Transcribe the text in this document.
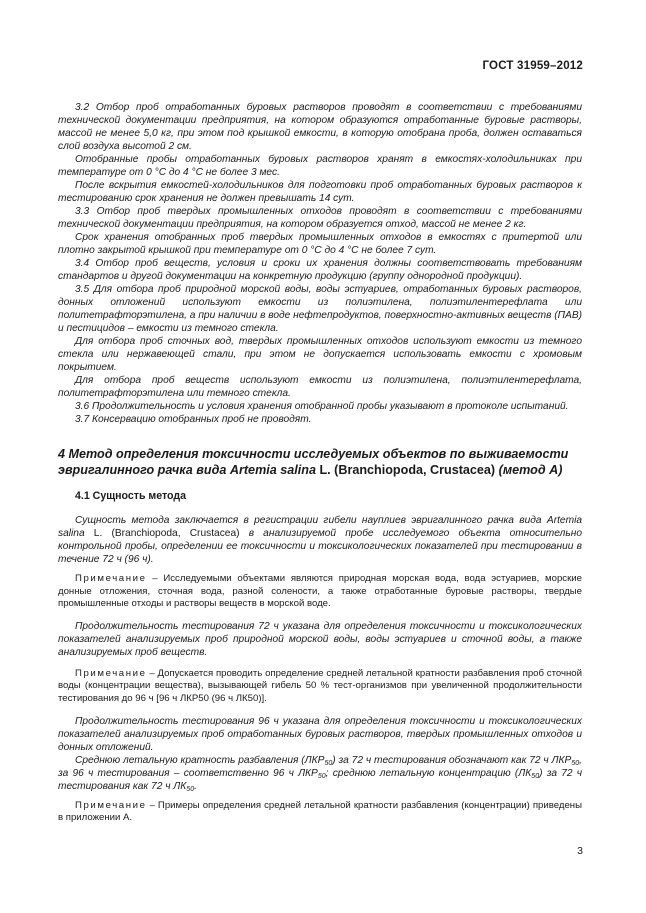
ГОСТ 31959–2012

3.2 Отбор проб отработанных буровых растворов проводят в соответствии с требованиями технической документации предприятия, на котором образуются отработанные буровые растворы, массой не менее 5,0 кг, при этом под крышкой емкости, в которую отобрана проба, должен оставаться слой воздуха высотой 2 см.

Отобранные пробы отработанных буровых растворов хранят в емкостях-холодильниках при температуре от 0 °С до 4 °С не более 3 мес.

После вскрытия емкостей-холодильников для подготовки проб отработанных буровых растворов к тестированию срок хранения не должен превышать 14 сут.

3.3 Отбор проб твердых промышленных отходов проводят в соответствии с требованиями технической документации предприятия, на котором образуется отход, массой не менее 2 кг.

Срок хранения отобранных проб твердых промышленных отходов в емкостях с притертой или плотно закрытой крышкой при температуре от 0 °С до 4 °С не более 7 сут.

3.4 Отбор проб веществ, условия и сроки их хранения должны соответствовать требованиям стандартов и другой документации на конкретную продукцию (группу однородной продукции).

3.5 Для отбора проб природной морской воды, воды эстуариев, отработанных буровых растворов, донных отложений используют емкости из полиэтилена, полиэтилентерефлата или политетрафторэтилена, а при наличии в воде нефтепродуктов, поверхностно-активных веществ (ПАВ) и пестицидов – емкости из темного стекла.

Для отбора проб сточных вод, твердых промышленных отходов используют емкости из темного стекла или нержавеющей стали, при этом не допускается использовать емкости с хромовым покрытием.

Для отбора проб веществ используют емкости из полиэтилена, полиэтилентерефлата, политетрафторэтилена или темного стекла.

3.6 Продолжительность и условия хранения отобранной пробы указывают в протоколе испытаний.

3.7 Консервацию отобранных проб не проводят.

4 Метод определения токсичности исследуемых объектов по выживаемости эвригалинного рачка вида Artemia salina L. (Branchiopoda, Crustacea) (метод А)
4.1 Сущность метода

Сущность метода заключается в регистрации гибели науплиев эвригалинного рачка вида Artemia salina L. (Branchiopoda, Crustacea) в анализируемой пробе исследуемого объекта относительно контрольной пробы, определении ее токсичности и токсикологических показателей при тестировании в течение 72 ч (96 ч).

Примечание – Исследуемыми объектами являются природная морская вода, вода эстуариев, морские донные отложения, сточная вода, разной солености, а также отработанные буровые растворы, твердые промышленные отходы и растворы веществ в морской воде.

Продолжительность тестирования 72 ч указана для определения токсичности и токсикологических показателей анализируемых проб природной морской воды, воды эстуариев и сточной воды, а также анализируемых проб веществ.

Примечание – Допускается проводить определение средней летальной кратности разбавления проб сточной воды (концентрации вещества), вызывающей гибель 50 % тест-организмов при увеличенной продолжительности тестирования до 96 ч [96 ч ЛКР50 (96 ч ЛК50)].

Продолжительность тестирования 96 ч указана для определения токсичности и токсикологических показателей анализируемых проб отработанных буровых растворов, твердых промышленных отходов и донных отложений.

Среднюю летальную кратность разбавления $(ЛКР_{50})$ за 72 ч тестирования обозначают как 72 ч $ЛКР_{50}$, за 96 ч тестирования – соответственно 96 ч $ЛКР_{50}$; среднюю летальную концентрацию $(ЛК_{50})$ за 72 ч тестирования как 72 ч $ЛК_{50}$.

Примечание – Примеры определения средней летальной кратности разбавления (концентрации) приведены в приложении А.

3
